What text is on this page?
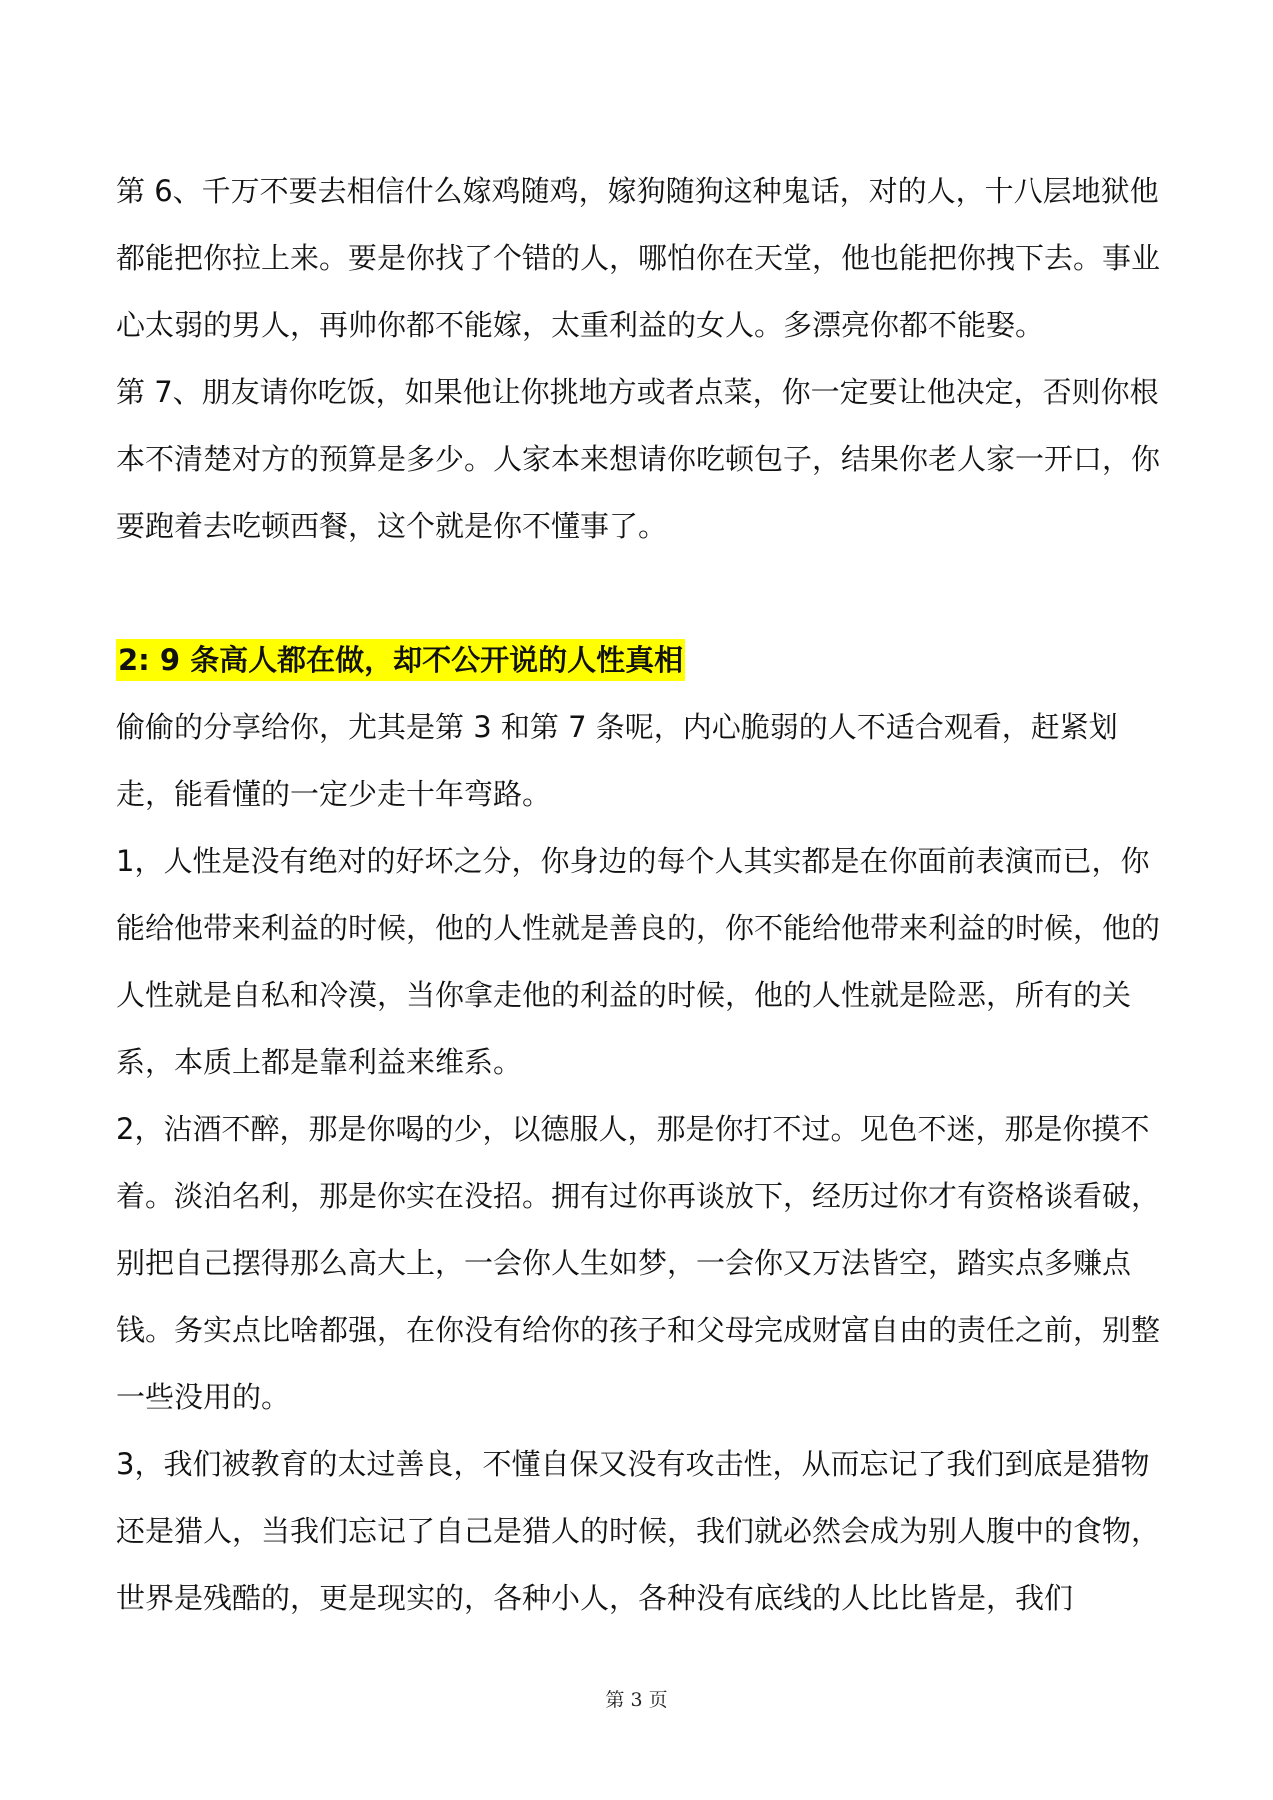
第 6、千万不要去相信什么嫁鸡随鸡，嫁狗随狗这种鬼话，对的人，十八层地狱他都能把你拉上来。要是你找了个错的人，哪怕你在天堂，他也能把你拽下去。事业心太弱的男人，再帅你都不能嫁，太重利益的女人。多漂亮你都不能娶。

第 7、朋友请你吃饭，如果他让你挑地方或者点菜，你一定要让他决定，否则你根本不清楚对方的预算是多少。人家本来想请你吃顿包子，结果你老人家一开口，你要跑着去吃顿西餐，这个就是你不懂事了。

2: 9 条高人都在做，却不公开说的人性真相

偷偷的分享给你，尤其是第 3 和第 7 条呢，内心脆弱的人不适合观看，赶紧划走，能看懂的一定少走十年弯路。

1，人性是没有绝对的好坏之分，你身边的每个人其实都是在你面前表演而已，你能给他带来利益的时候，他的人性就是善良的，你不能给他带来利益的时候，他的人性就是自私和冷漠，当你拿走他的利益的时候，他的人性就是险恶，所有的关系，本质上都是靠利益来维系。

2，沾酒不醉，那是你喝的少，以德服人，那是你打不过。见色不迷，那是你摸不着。淡泊名利，那是你实在没招。拥有过你再谈放下，经历过你才有资格谈看破，别把自己摆得那么高大上，一会你人生如梦，一会你又万法皆空，踏实点多赚点钱。务实点比啥都强，在你没有给你的孩子和父母完成财富自由的责任之前，别整一些没用的。

3，我们被教育的太过善良，不懂自保又没有攻击性，从而忘记了我们到底是猎物还是猎人，当我们忘记了自己是猎人的时候，我们就必然会成为别人腹中的食物，世界是残酷的，更是现实的，各种小人，各种没有底线的人比比皆是，我们

第 3 页
